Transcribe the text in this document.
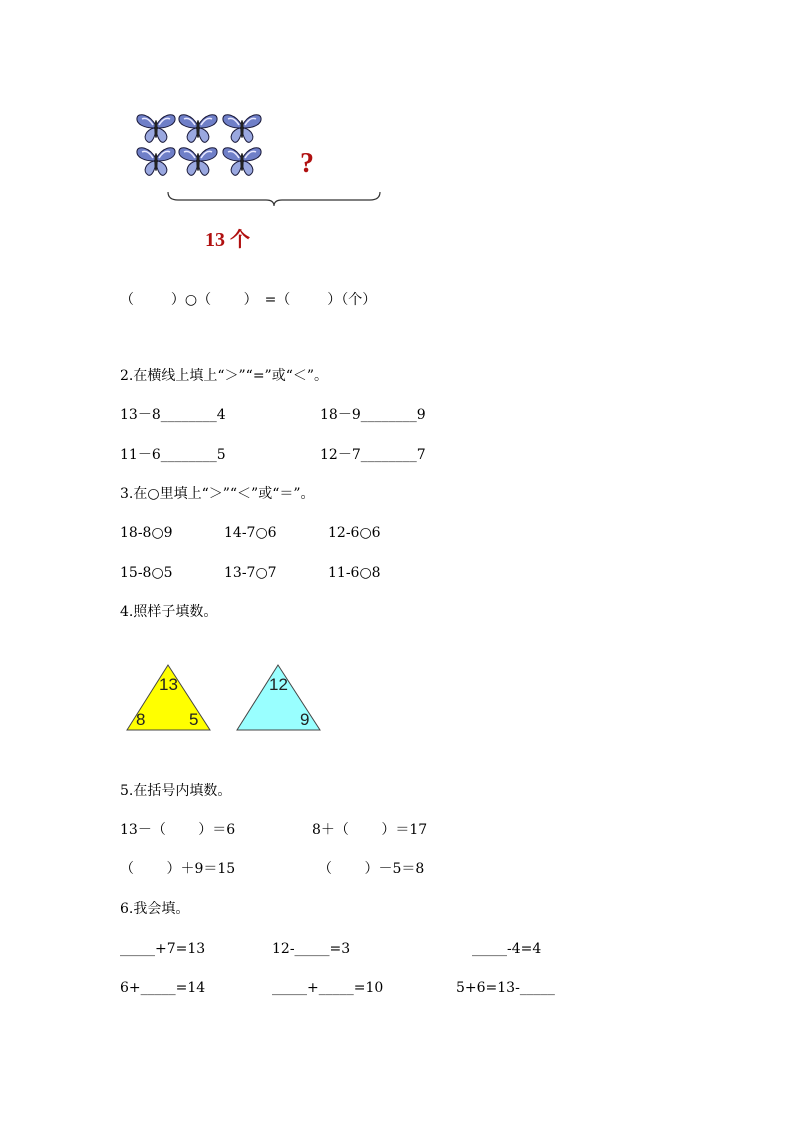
?
13 个
（　　  ）○（　　 ）　=（　　  ）（个）
2.在横线上填上“＞”“=”或“＜”。
13－8________4	18－9________9
11－6________5	12－7________7
3.在○里填上“＞”“＜”或“＝”。
18-8○9	14-7○6	12-6○6
15-8○5	13-7○7	11-6○8
4.照样子填数。
13
8	5
12
9
5.在括号内填数。
13－（　　 ）＝6	8＋（　　 ）＝17
（　　 ）＋9＝15	（　　 ）－5＝8
6.我会填。
_____+7=13	12-_____=3	_____-4=4
6+_____=14	_____+_____=10	5+6=13-_____
